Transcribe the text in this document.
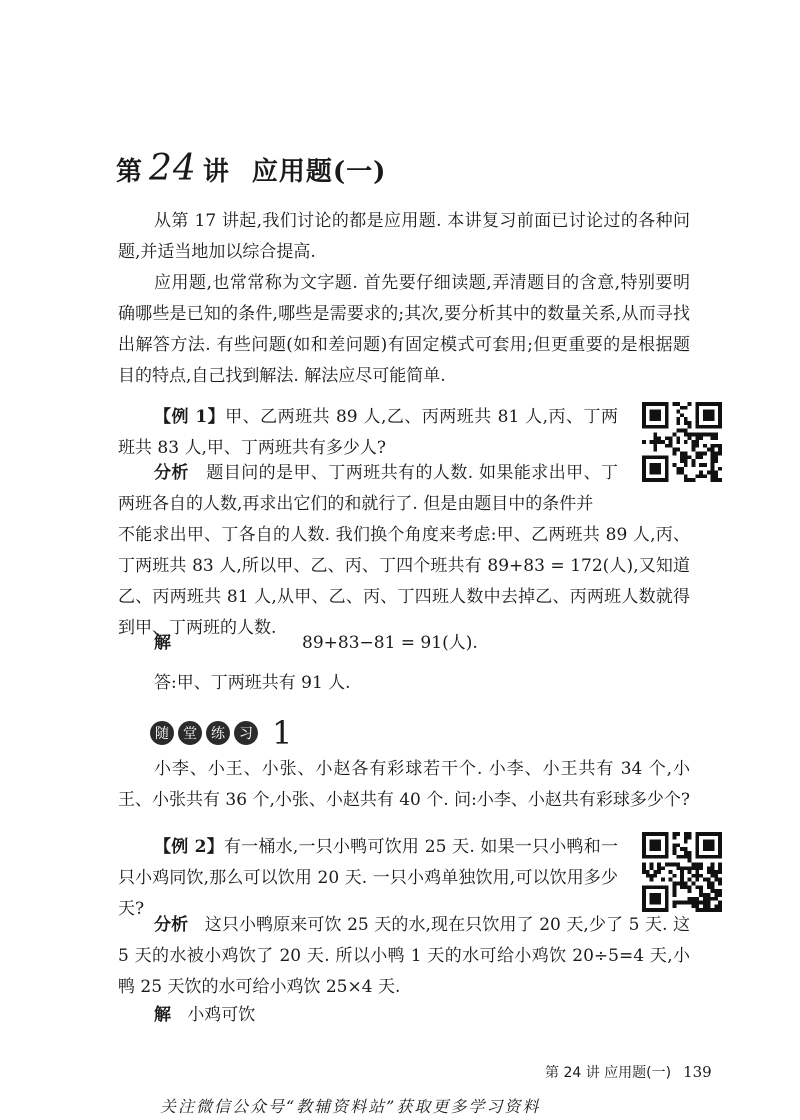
第 24 讲 应用题(一)
从第 17 讲起,我们讨论的都是应用题. 本讲复习前面已讨论过的各种问题,并适当地加以综合提高.
应用题,也常常称为文字题. 首先要仔细读题,弄清题目的含意,特别要明确哪些是已知的条件,哪些是需要求的;其次,要分析其中的数量关系,从而寻找出解答方法. 有些问题(如和差问题)有固定模式可套用;但更重要的是根据题目的特点,自己找到解法. 解法应尽可能简单.
【例 1】甲、乙两班共 89 人,乙、丙两班共 81 人,丙、丁两班共 83 人,甲、丁两班共有多少人?
分析 题目问的是甲、丁两班共有的人数. 如果能求出甲、丁两班各自的人数,再求出它们的和就行了. 但是由题目中的条件并
不能求出甲、丁各自的人数. 我们换个角度来考虑:甲、乙两班共 89 人,丙、丁两班共 83 人,所以甲、乙、丙、丁四个班共有 89+83 = 172(人),又知道乙、丙两班共 81 人,从甲、乙、丙、丁四班人数中去掉乙、丙两班人数就得到甲、丁两班的人数.
解	89+83−81 = 91(人).
答:甲、丁两班共有 91 人.
随	堂	练	习 1
小李、小王、小张、小赵各有彩球若干个. 小李、小王共有 34 个,小王、小张共有 36 个,小张、小赵共有 40 个. 问:小李、小赵共有彩球多少个?
【例 2】有一桶水,一只小鸭可饮用 25 天. 如果一只小鸭和一只小鸡同饮,那么可以饮用 20 天. 一只小鸡单独饮用,可以饮用多少天?
分析 这只小鸭原来可饮 25 天的水,现在只饮用了 20 天,少了 5 天. 这 5 天的水被小鸡饮了 20 天. 所以小鸭 1 天的水可给小鸡饮 20÷5=4 天,小鸭 25 天饮的水可给小鸡饮 25×4 天.
解 小鸡可饮
第 24 讲 应用题(一) 139
关注微信公众号“教辅资料站”获取更多学习资料
